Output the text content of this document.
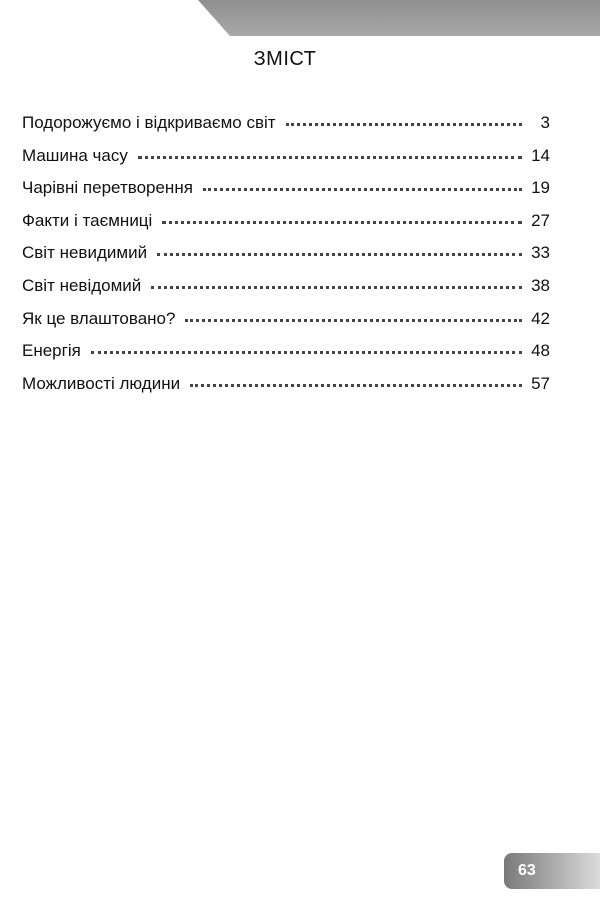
ЗМІСТ
Подорожуємо і відкриваємо світ	3
Машина часу	14
Чарівні перетворення	19
Факти і таємниці	27
Світ невидимий	33
Світ невідомий	38
Як це влаштовано?	42
Енергія	48
Можливості людини	57
63
